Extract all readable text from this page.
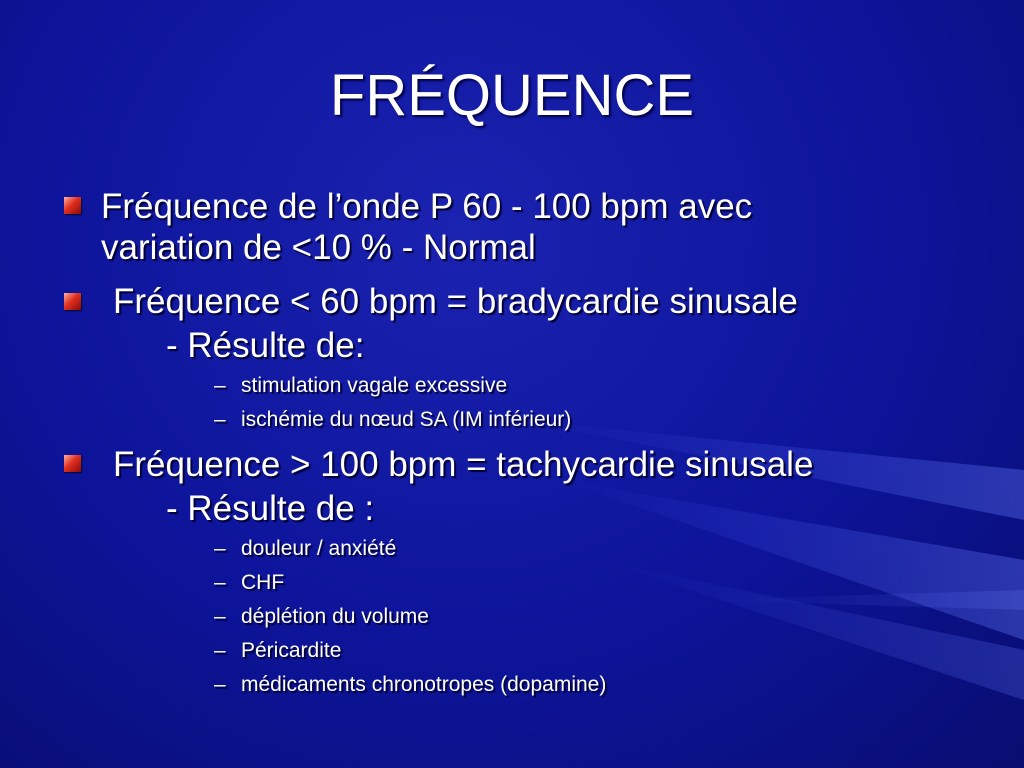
FRÉQUENCE
Fréquence de l’onde P 60 - 100 bpm avec
variation de <10 % - Normal
Fréquence < 60 bpm = bradycardie sinusale
- Résulte de:
– stimulation vagale excessive
– ischémie du nœud SA (IM inférieur)
Fréquence > 100 bpm = tachycardie sinusale
- Résulte de :
– douleur / anxiété
– CHF
– déplétion du volume
– Péricardite
– médicaments chronotropes (dopamine)
